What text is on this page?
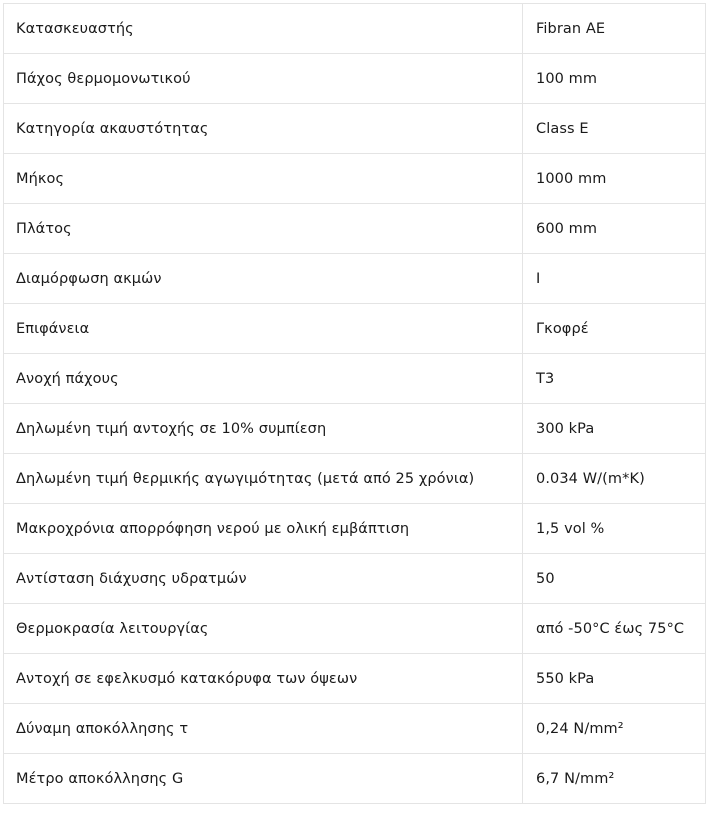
Κατασκευαστής	Fibran AE
Πάχος θερμομονωτικού	100 mm
Κατηγορία ακαυστότητας	Class E
Μήκος	1000 mm
Πλάτος	600 mm
Διαμόρφωση ακμών	I
Επιφάνεια	Γκοφρέ
Ανοχή πάχους	T3
Δηλωμένη τιμή αντοχής σε 10% συμπίεση	300 kPa
Δηλωμένη τιμή θερμικής αγωγιμότητας (μετά από 25 χρόνια)	0.034 W/(m*K)
Μακροχρόνια απορρόφηση νερού με ολική εμβάπτιση	1,5 vol %
Αντίσταση διάχυσης υδρατμών	50
Θερμοκρασία λειτουργίας	από -50°C έως 75°C
Αντοχή σε εφελκυσμό κατακόρυφα των όψεων	550 kPa
Δύναμη αποκόλλησης τ	0,24 N/mm²
Μέτρο αποκόλλησης G	6,7 N/mm²
